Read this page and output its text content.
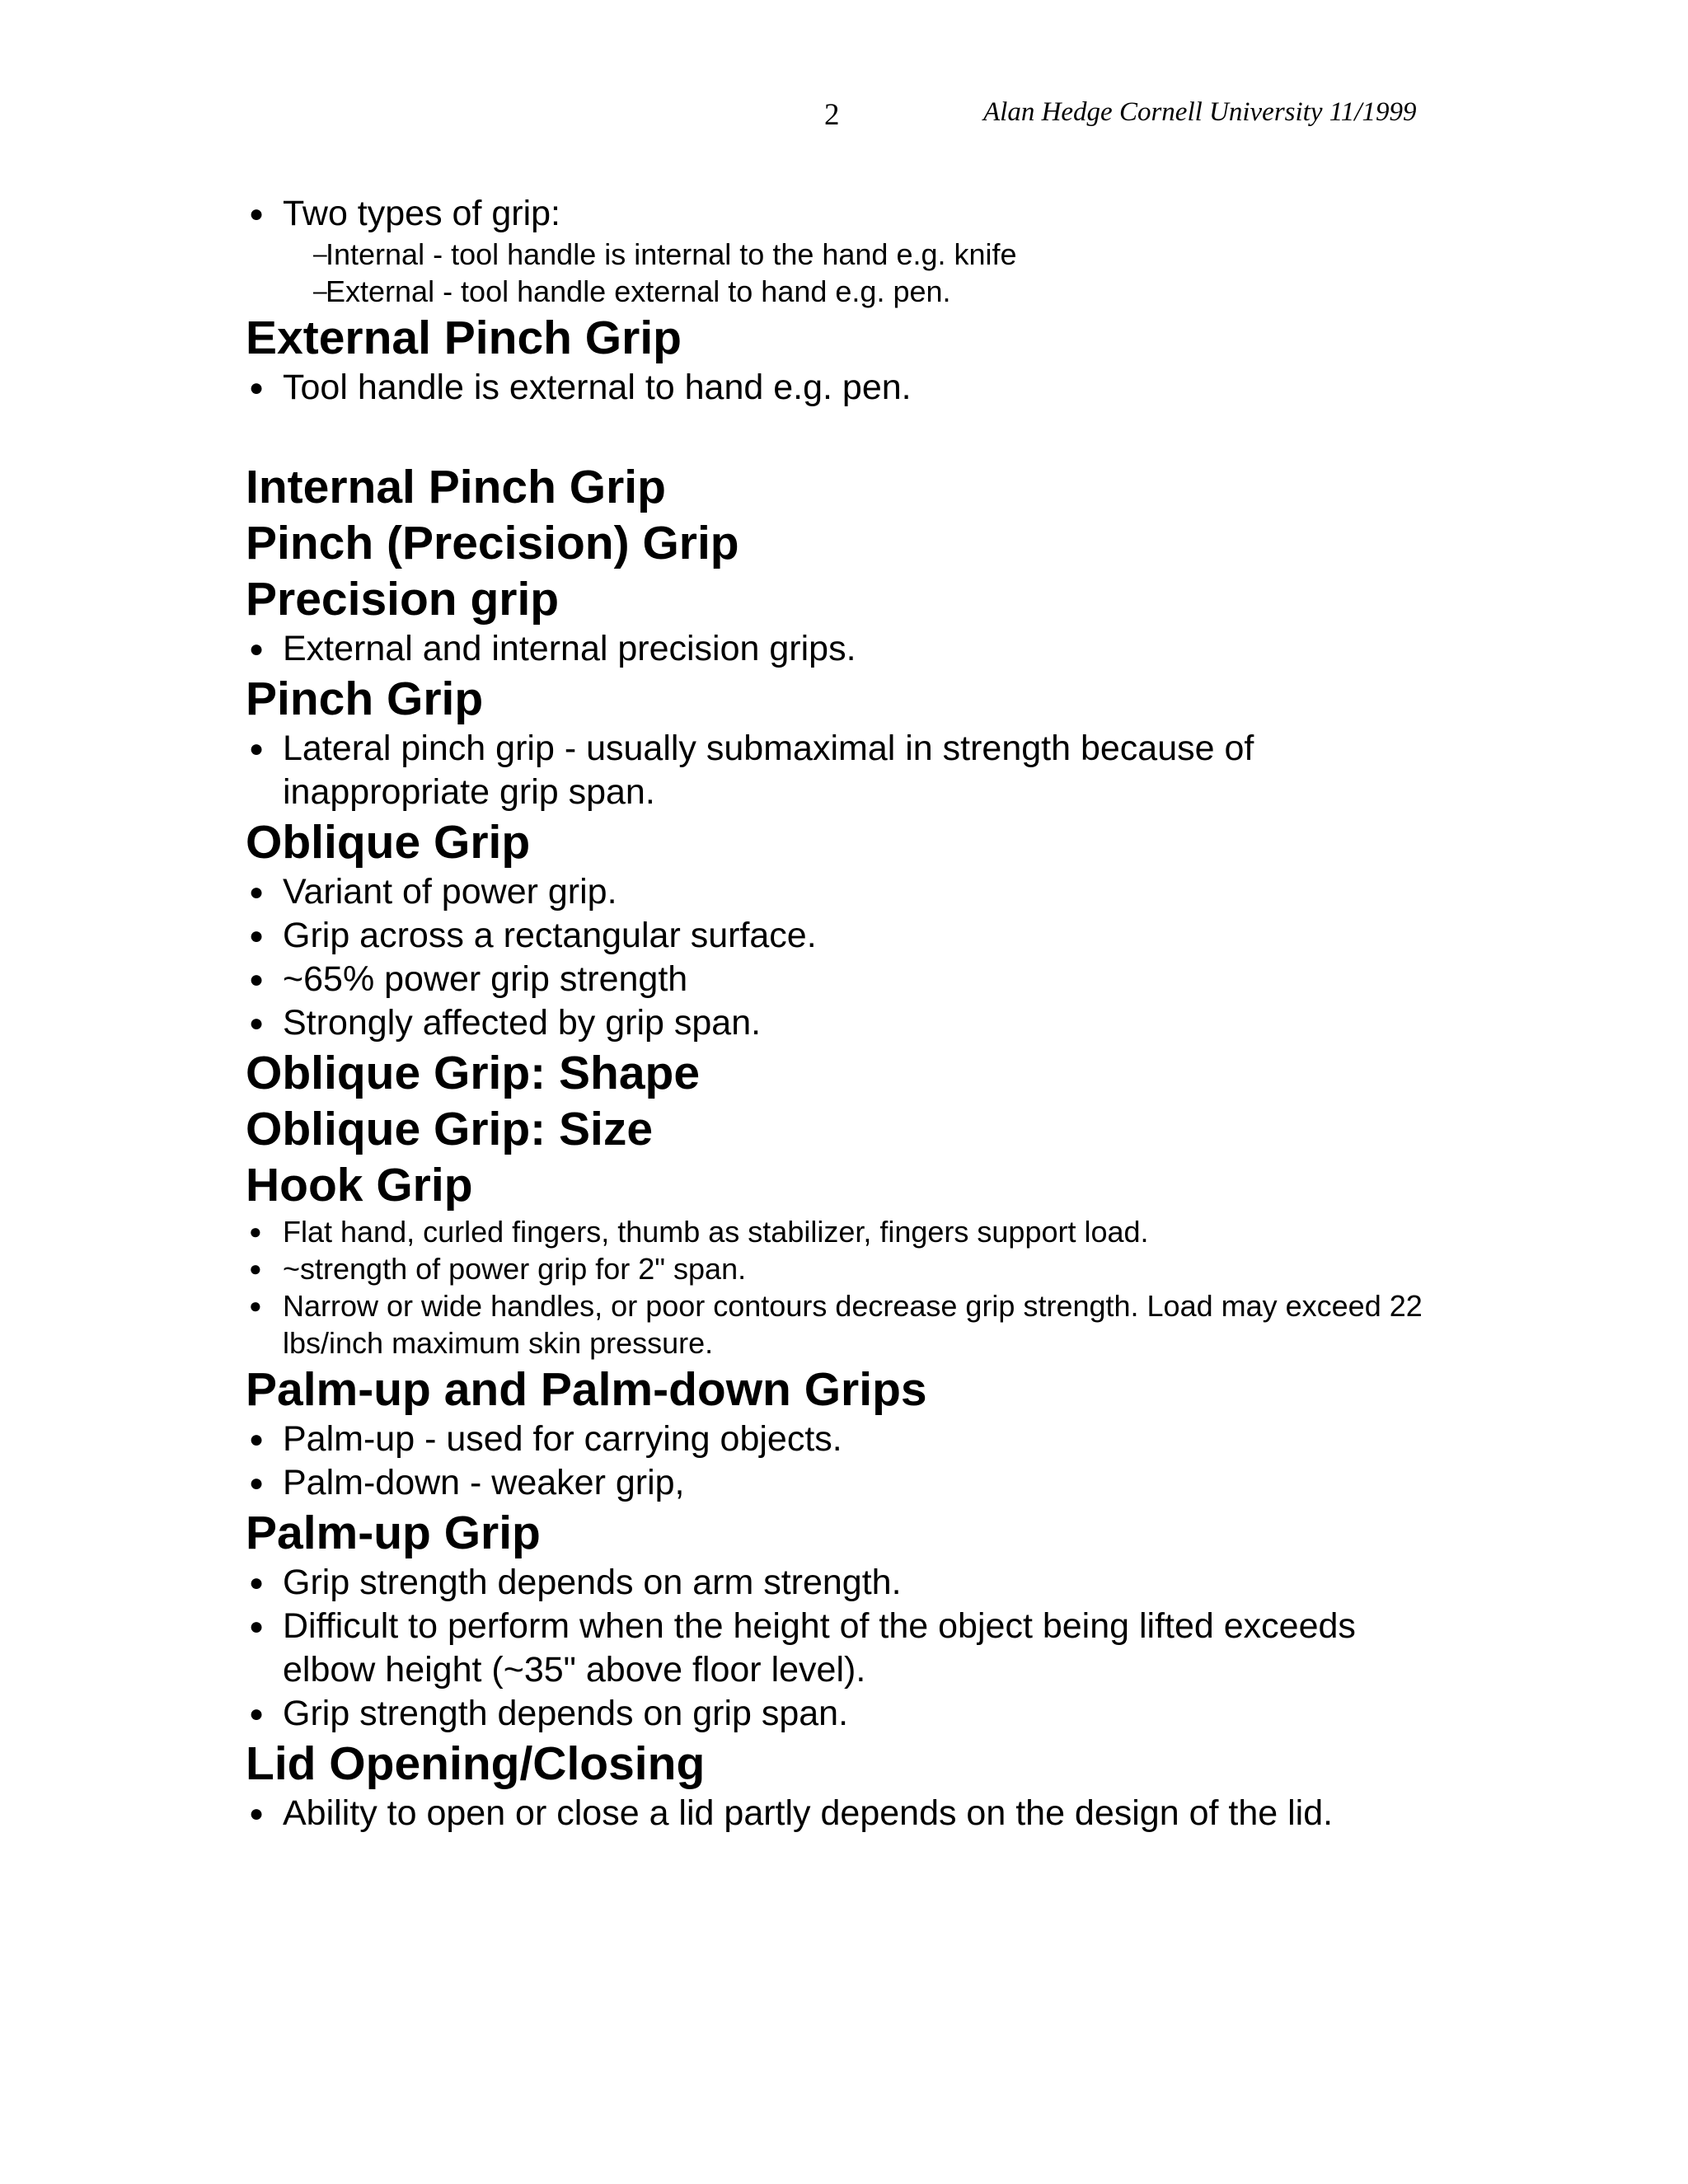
2	Alan Hedge Cornell University 11/1999
● Two types of grip:
–
Internal - tool handle is internal to the hand e.g. knife
–
External - tool handle external to hand e.g. pen.
External Pinch Grip
● Tool handle is external to hand e.g. pen.
Internal Pinch Grip
Pinch (Precision) Grip
Precision grip
● External and internal precision grips.
Pinch Grip
● Lateral pinch grip - usually submaximal in strength because of inappropriate grip span.
Oblique Grip
● Variant of power grip.
● Grip across a rectangular surface.
● ~65% power grip strength
● Strongly affected by grip span.
Oblique Grip: Shape
Oblique Grip: Size
Hook Grip
● Flat hand, curled fingers, thumb as stabilizer, fingers support load.
● ~strength of power grip for 2" span.
● Narrow or wide handles, or poor contours decrease grip strength. Load may exceed 22 lbs/inch maximum skin pressure.
Palm-up and Palm-down Grips
● Palm-up - used for carrying objects.
● Palm-down - weaker grip,
Palm-up Grip
● Grip strength depends on arm strength.
● Difficult to perform when the height of the object being lifted exceeds elbow height (~35" above floor level).
● Grip strength depends on grip span.
Lid Opening/Closing
● Ability to open or close a lid partly depends on the design of the lid.
